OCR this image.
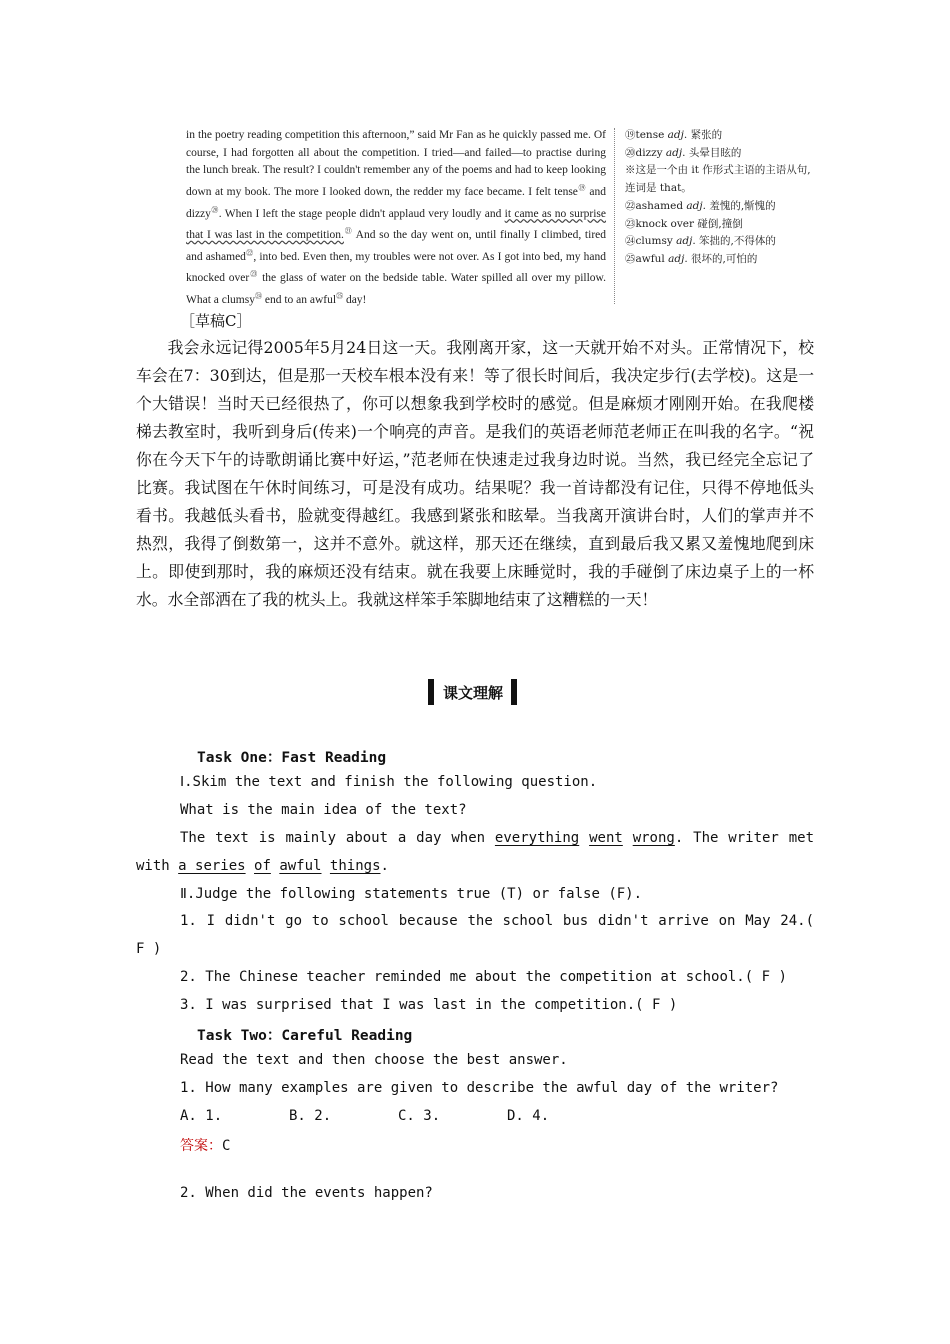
in the poetry reading competition this afternoon,” said Mr Fan as he quickly passed me. Of course, I had forgotten all about the competition. I tried—and failed—to practise during the lunch break. The result? I couldn't remember any of the poems and had to keep looking down at my book. The more I looked down, the redder my face became. I felt tense⑲ and dizzy⑳. When I left the stage people didn't applaud very loudly and it came as no surprise that I was last in the competition.$^㉑$ And so the day went on, until finally I climbed, tired and ashamed$^㉒$, into bed. Even then, my troubles were not over. As I got into bed, my hand knocked over$^㉓$ the glass of water on the bedside table. Water spilled all over my pillow. What a clumsy$^㉔$ end to an awful$^㉕$ day!
⑲tense adj. 紧张的
⑳dizzy adj. 头晕目眩的
※这是一个由 it 作形式主语的主语从句,
连词是 that。
㉒ashamed adj. 羞愧的,惭愧的
㉓knock over 碰倒,撞倒
㉔clumsy adj. 笨拙的,不得体的
㉕awful adj. 很坏的,可怕的
［草稿C］

我会永远记得2005年5月24日这一天。我刚离开家，这一天就开始不对头。正常情况下，校车会在7：30到达，但是那一天校车根本没有来！等了很长时间后，我决定步行(去学校)。这是一个大错误！当时天已经很热了，你可以想象我到学校时的感觉。但是麻烦才刚刚开始。在我爬楼梯去教室时，我听到身后(传来)一个响亮的声音。是我们的英语老师范老师正在叫我的名字。“祝你在今天下午的诗歌朗诵比赛中好运，”范老师在快速走过我身边时说。当然，我已经完全忘记了比赛。我试图在午休时间练习，可是没有成功。结果呢？我一首诗都没有记住，只得不停地低头看书。我越低头看书，脸就变得越红。我感到紧张和眩晕。当我离开演讲台时，人们的掌声并不热烈，我得了倒数第一，这并不意外。就这样，那天还在继续，直到最后我又累又羞愧地爬到床上。即使到那时，我的麻烦还没有结束。就在我要上床睡觉时，我的手碰倒了床边桌子上的一杯水。水全部洒在了我的枕头上。我就这样笨手笨脚地结束了这糟糕的一天！

课文理解
Task One：Fast Reading
Ⅰ.Skim the text and finish the following question.
What is the main idea of the text?
The text is mainly about a day when everything went wrong. The writer met
with a series of awful things.
Ⅱ.Judge the following statements true (T) or false (F).
1. I didn't go to school because the school bus didn't arrive on May 24.(
F )
2. The Chinese teacher reminded me about the competition at school.( F )
3. I was surprised that I was last in the competition.( F )
Task Two：Careful Reading
Read the text and then choose the best answer.
1. How many examples are given to describe the awful day of the writer?
A. 1.	B. 2.	C. 3.	D. 4.
答案：C
2. When did the events happen?
